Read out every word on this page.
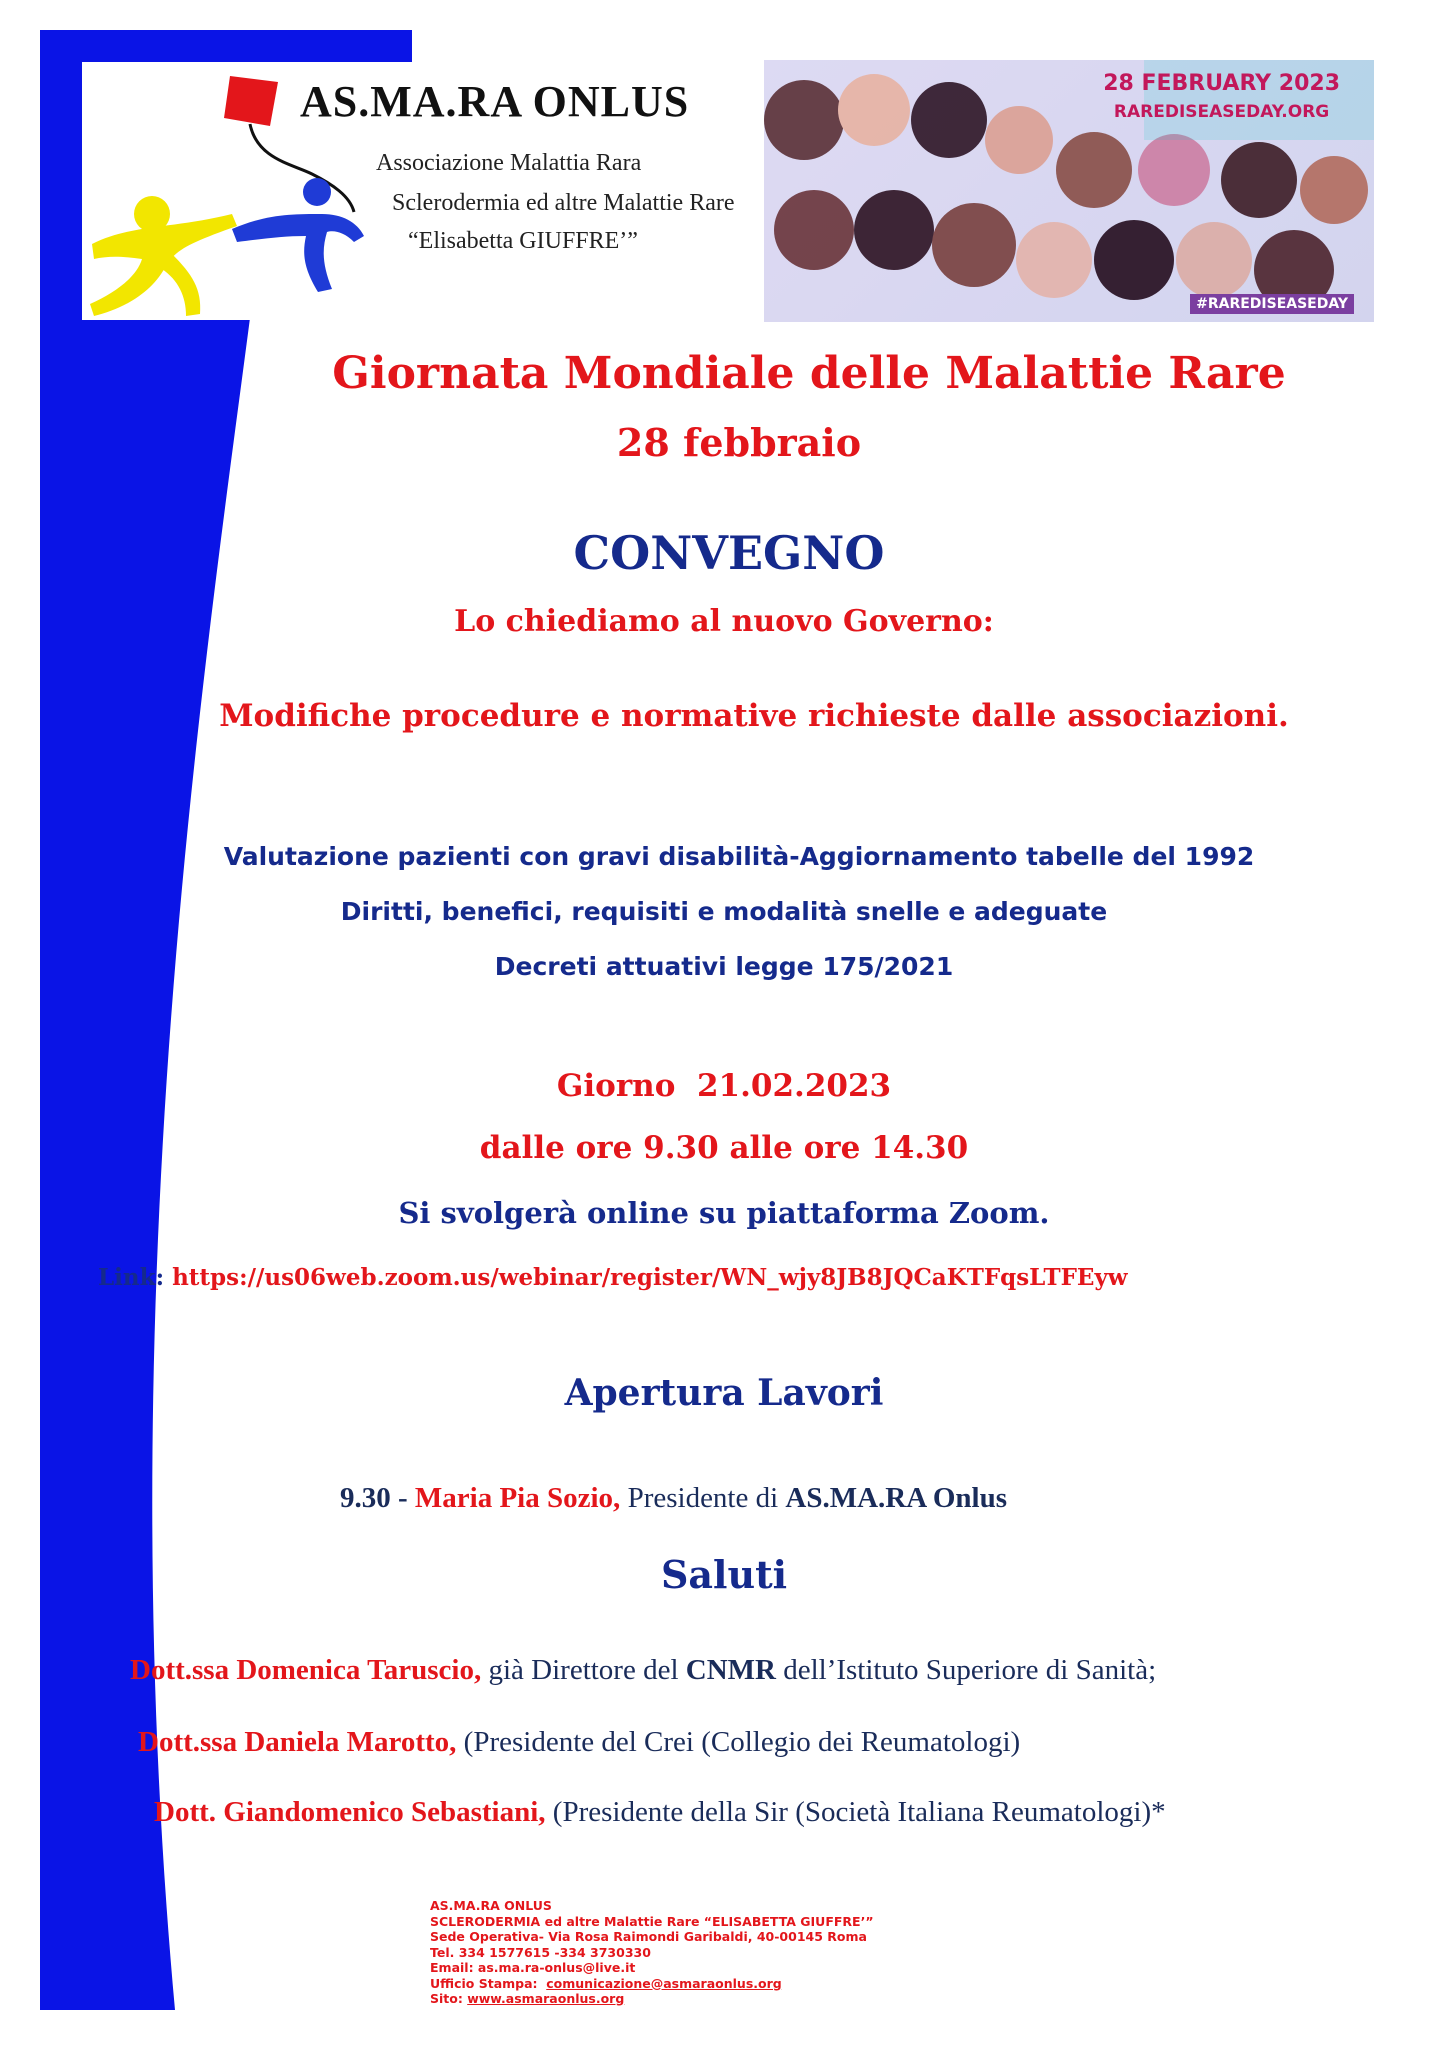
AS.MA.RA ONLUS
Associazione Malattia Rara
Sclerodermia ed altre Malattie Rare
“Elisabetta GIUFFRE’”
28 FEBRUARY 2023
RAREDISEASEDAY.ORG
#RAREDISEASEDAY
Giornata Mondiale delle Malattie Rare
28 febbraio
CONVEGNO
Lo chiediamo al nuovo Governo:
Modifiche procedure e normative richieste dalle associazioni.
Valutazione pazienti con gravi disabilità-Aggiornamento tabelle del 1992
Diritti, benefici, requisiti e modalità snelle e adeguate
Decreti attuativi legge 175/2021
Giorno  21.02.2023
dalle ore 9.30 alle ore 14.30
Si svolgerà online su piattaforma Zoom.
Link: https://us06web.zoom.us/webinar/register/WN_wjy8JB8JQCaKTFqsLTFEyw
Apertura Lavori
9.30 - Maria Pia Sozio, Presidente di AS.MA.RA Onlus
Saluti
Dott.ssa Domenica Taruscio, già Direttore del CNMR dell’Istituto Superiore di Sanità;
Dott.ssa Daniela Marotto, (Presidente del Crei (Collegio dei Reumatologi)
Dott. Giandomenico Sebastiani, (Presidente della Sir (Società Italiana Reumatologi)*
AS.MA.RA ONLUS
SCLERODERMIA ed altre Malattie Rare “ELISABETTA GIUFFRE’”
Sede Operativa- Via Rosa Raimondi Garibaldi, 40-00145 Roma
Tel. 334 1577615 -334 3730330
Email: as.ma.ra-onlus@live.it
Ufficio Stampa:  comunicazione@asmaraonlus.org
Sito: www.asmaraonlus.org
